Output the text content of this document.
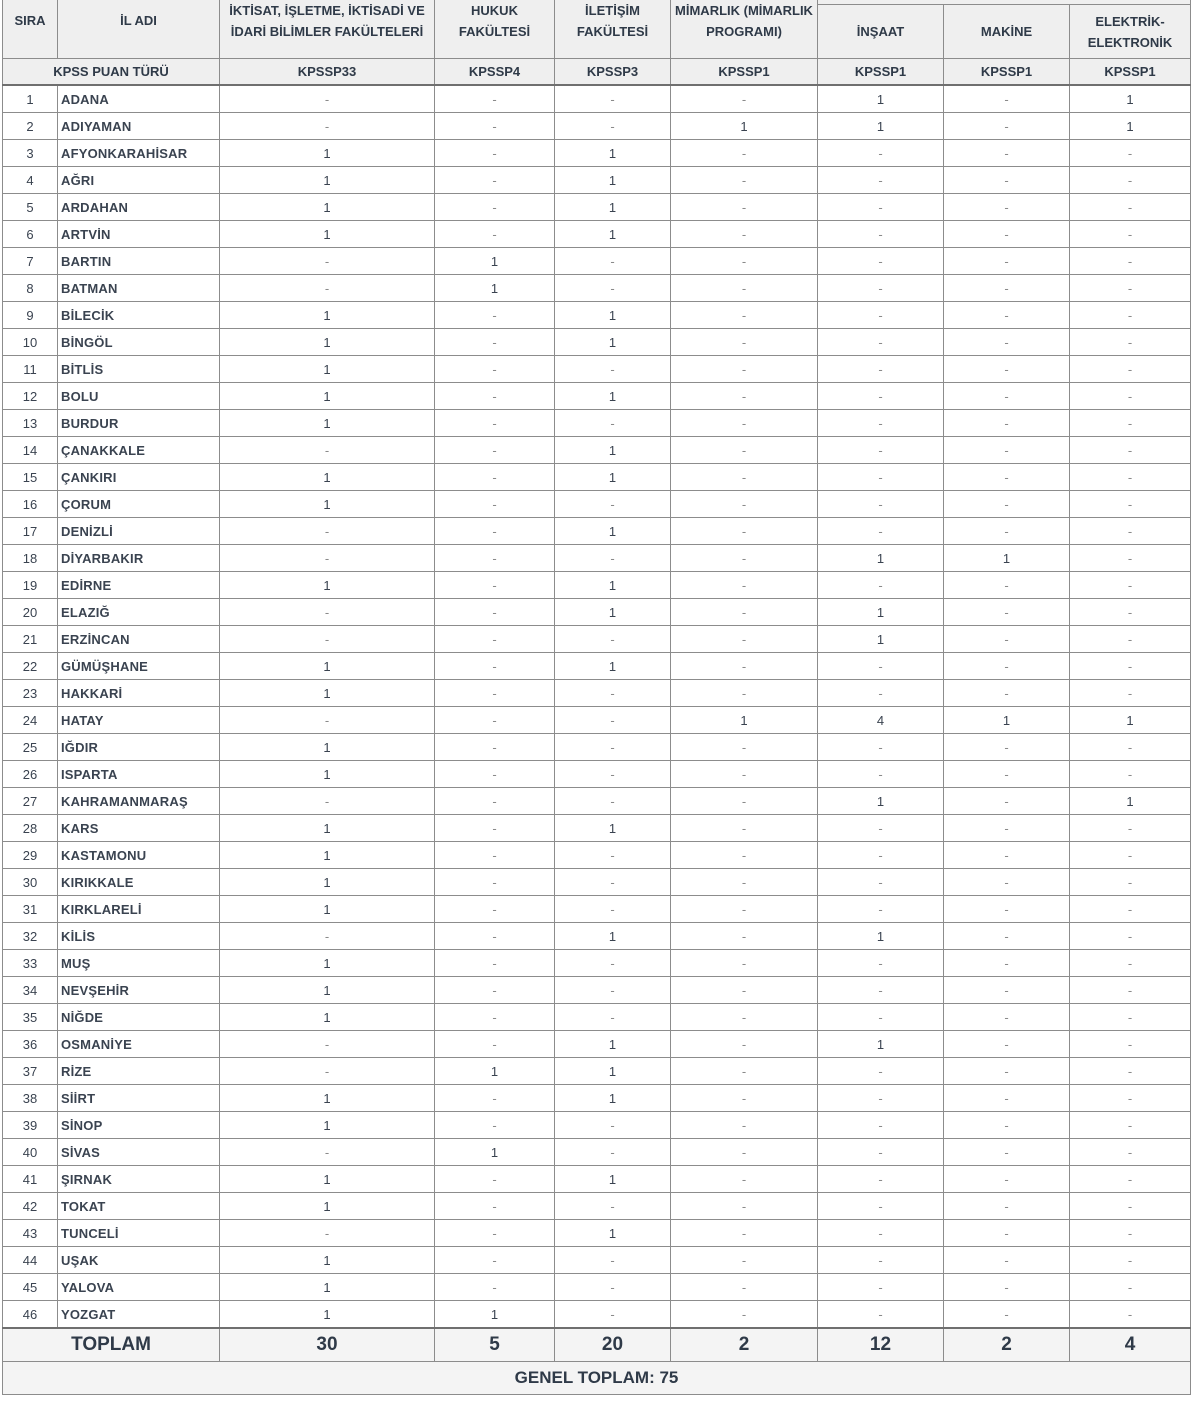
SIRA	İL ADI	İKTİSAT, İŞLETME, İKTİSADİ VE İDARİ BİLİMLER FAKÜLTELERİ	HUKUK FAKÜLTESİ	İLETİŞİM FAKÜLTESİ	MİMARLIK (MİMARLIK PROGRAMI)	
						İNŞAAT	MAKİNE	ELEKTRİK-ELEKTRONİK
KPSS PUAN TÜRÜ		KPSSP33	KPSSP4	KPSSP3	KPSSP1	KPSSP1	KPSSP1	KPSSP1
1	ADANA	-	-	-	-	1	-	1
2	ADIYAMAN	-	-	-	1	1	-	1
3	AFYONKARAHİSAR	1	-	1	-	-	-	-
4	AĞRI	1	-	1	-	-	-	-
5	ARDAHAN	1	-	1	-	-	-	-
6	ARTVİN	1	-	1	-	-	-	-
7	BARTIN	-	1	-	-	-	-	-
8	BATMAN	-	1	-	-	-	-	-
9	BİLECİK	1	-	1	-	-	-	-
10	BİNGÖL	1	-	1	-	-	-	-
11	BİTLİS	1	-	-	-	-	-	-
12	BOLU	1	-	1	-	-	-	-
13	BURDUR	1	-	-	-	-	-	-
14	ÇANAKKALE	-	-	1	-	-	-	-
15	ÇANKIRI	1	-	1	-	-	-	-
16	ÇORUM	1	-	-	-	-	-	-
17	DENİZLİ	-	-	1	-	-	-	-
18	DİYARBAKIR	-	-	-	-	1	1	-
19	EDİRNE	1	-	1	-	-	-	-
20	ELAZIĞ	-	-	1	-	1	-	-
21	ERZİNCAN	-	-	-	-	1	-	-
22	GÜMÜŞHANE	1	-	1	-	-	-	-
23	HAKKARİ	1	-	-	-	-	-	-
24	HATAY	-	-	-	1	4	1	1
25	IĞDIR	1	-	-	-	-	-	-
26	ISPARTA	1	-	-	-	-	-	-
27	KAHRAMANMARAŞ	-	-	-	-	1	-	1
28	KARS	1	-	1	-	-	-	-
29	KASTAMONU	1	-	-	-	-	-	-
30	KIRIKKALE	1	-	-	-	-	-	-
31	KIRKLARELİ	1	-	-	-	-	-	-
32	KİLİS	-	-	1	-	1	-	-
33	MUŞ	1	-	-	-	-	-	-
34	NEVŞEHİR	1	-	-	-	-	-	-
35	NİĞDE	1	-	-	-	-	-	-
36	OSMANİYE	-	-	1	-	1	-	-
37	RİZE	-	1	1	-	-	-	-
38	SİİRT	1	-	1	-	-	-	-
39	SİNOP	1	-	-	-	-	-	-
40	SİVAS	-	1	-	-	-	-	-
41	ŞIRNAK	1	-	1	-	-	-	-
42	TOKAT	1	-	-	-	-	-	-
43	TUNCELİ	-	-	1	-	-	-	-
44	UŞAK	1	-	-	-	-	-	-
45	YALOVA	1	-	-	-	-	-	-
46	YOZGAT	1	1	-	-	-	-	-
TOPLAM		30	5	20	2	12	2	4
GENEL TOPLAM: 75								
